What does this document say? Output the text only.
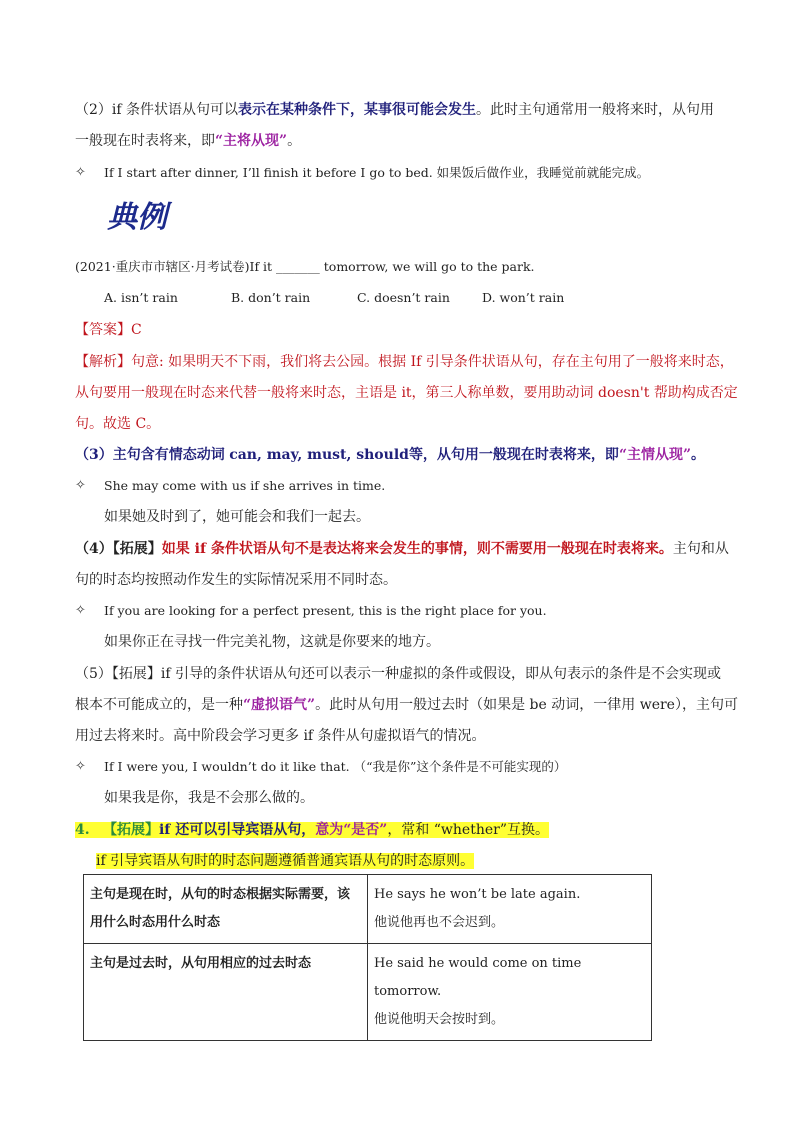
（2）if 条件状语从句可以表示在某种条件下，某事很可能会发生。此时主句通常用一般将来时，从句用
一般现在时表将来，即“主将从现”。
✧ If I start after dinner, I’ll finish it before I go to bed. 如果饭后做作业，我睡觉前就能完成。
典例
(2021·重庆市市辖区·月考试卷)If it _______ tomorrow, we will go to the park.
A. isn’t rain	B. don’t rain	C. doesn’t rain	D. won’t rain
【答案】C
【解析】句意: 如果明天不下雨，我们将去公园。根据 If 引导条件状语从句，存在主句用了一般将来时态，
从句要用一般现在时态来代替一般将来时态，主语是 it，第三人称单数，要用助动词 doesn't 帮助构成否定
句。故选 C。
（3）主句含有情态动词 can, may, must, should等，从句用一般现在时表将来，即“主情从现”。
✧ She may come with us if she arrives in time.
如果她及时到了，她可能会和我们一起去。
（4）【拓展】如果 if 条件状语从句不是表达将来会发生的事情，则不需要用一般现在时表将来。主句和从
句的时态均按照动作发生的实际情况采用不同时态。
✧ If you are looking for a perfect present, this is the right place for you.
如果你正在寻找一件完美礼物，这就是你要来的地方。
（5）【拓展】if 引导的条件状语从句还可以表示一种虚拟的条件或假设，即从句表示的条件是不会实现或
根本不可能成立的，是一种“虚拟语气”。此时从句用一般过去时（如果是 be 动词，一律用 were），主句可
用过去将来时。高中阶段会学习更多 if 条件从句虚拟语气的情况。
✧ If I were you, I wouldn’t do it like that. （“我是你”这个条件是不可能实现的）
如果我是你，我是不会那么做的。
4. 【拓展】if 还可以引导宾语从句，意为“是否”，常和 “whether”互换。
if 引导宾语从句时的时态问题遵循普通宾语从句的时态原则。
主句是现在时，从句的时态根据实际需要，该用什么时态用什么时态	He says he won’t be late again.
他说他再也不会迟到。

主句是过去时，从句用相应的过去时态	He said he would come on time tomorrow.
他说他明天会按时到。
